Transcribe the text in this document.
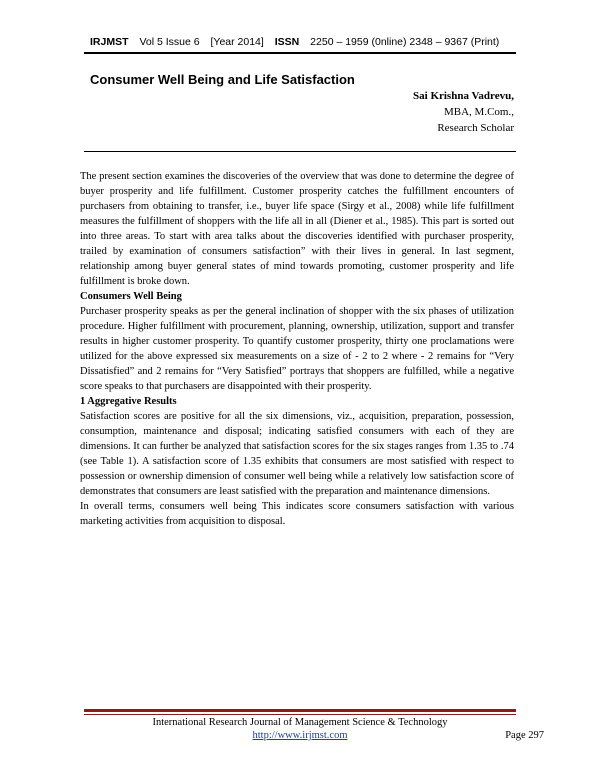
IRJMST Vol 5 Issue 6 [Year 2014] ISSN 2250 – 1959 (0nline) 2348 – 9367 (Print)
Consumer Well Being and Life Satisfaction
Sai Krishna Vadrevu,
MBA, M.Com.,
Research Scholar

The present section examines the discoveries of the overview that was done to determine the degree of buyer prosperity and life fulfillment. Customer prosperity catches the fulfillment encounters of purchasers from obtaining to transfer, i.e., buyer life space (Sirgy et al., 2008) while life fulfillment measures the fulfillment of shoppers with the life all in all (Diener et al., 1985). This part is sorted out into three areas. To start with area talks about the discoveries identified with purchaser prosperity, trailed by examination of consumers satisfaction” with their lives in general. In last segment, relationship among buyer general states of mind towards promoting, customer prosperity and life fulfillment is broke down.

Consumers Well Being

Purchaser prosperity speaks as per the general inclination of shopper with the six phases of utilization procedure. Higher fulfillment with procurement, planning, ownership, utilization, support and transfer results in higher customer prosperity. To quantify customer prosperity, thirty one proclamations were utilized for the above expressed six measurements on a size of - 2 to 2 where - 2 remains for “Very Dissatisfied” and 2 remains for “Very Satisfied” portrays that shoppers are fulfilled, while a negative score speaks to that purchasers are disappointed with their prosperity.

1 Aggregative Results

Satisfaction scores are positive for all the six dimensions, viz., acquisition, preparation, possession, consumption, maintenance and disposal; indicating satisfied consumers with each of they are dimensions. It can further be analyzed that satisfaction scores for the six stages ranges from 1.35 to .74 (see Table 1). A satisfaction score of 1.35 exhibits that consumers are most satisfied with respect to possession or ownership dimension of consumer well being while a relatively low satisfaction score of demonstrates that consumers are least satisfied with the preparation and maintenance dimensions.

In overall terms, consumers well being This indicates score consumers satisfaction with various marketing activities from acquisition to disposal.

International Research Journal of Management Science & Technology
http://www.irjmst.com	Page 297
